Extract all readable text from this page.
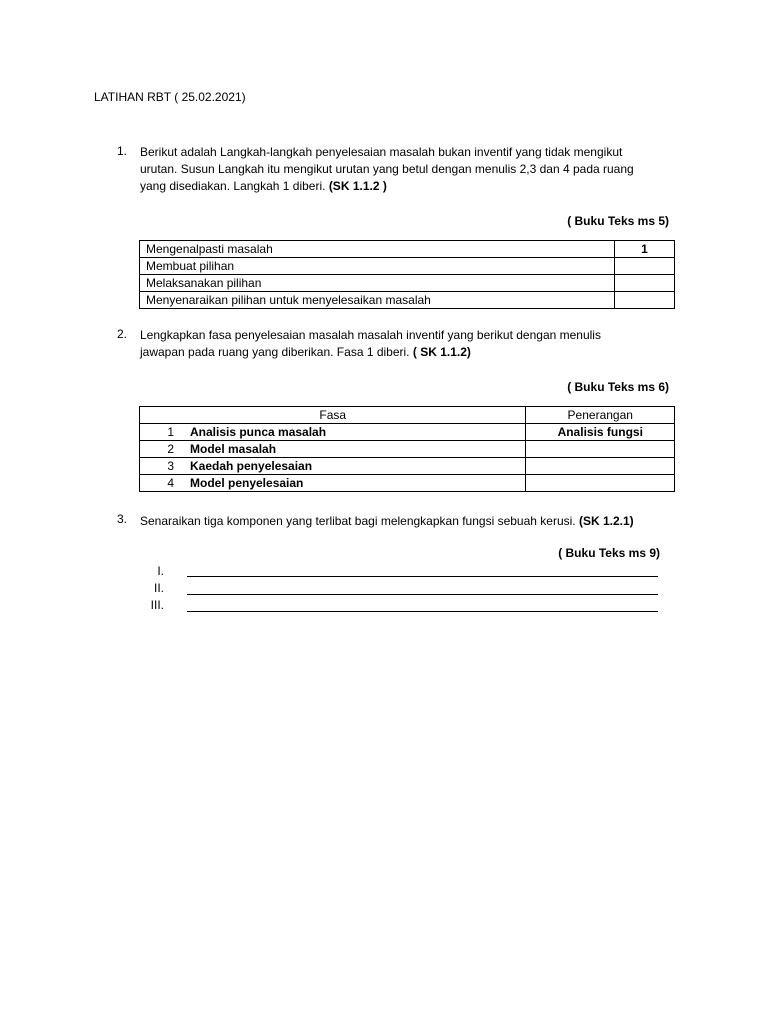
LATIHAN RBT ( 25.02.2021)
1. Berikut adalah Langkah-langkah penyelesaian masalah bukan inventif yang tidak mengikut
urutan. Susun Langkah itu mengikut urutan yang betul dengan menulis 2,3 dan 4 pada ruang
yang disediakan. Langkah 1 diberi. (SK 1.1.2 )
( Buku Teks ms 5)
Mengenalpasti masalah	1
Membuat pilihan	
Melaksanakan pilihan	
Menyenaraikan pilihan untuk menyelesaikan masalah	
2. Lengkapkan fasa penyelesaian masalah masalah inventif yang berikut dengan menulis
jawapan pada ruang yang diberikan. Fasa 1 diberi. ( SK 1.1.2)
( Buku Teks ms 6)
Fasa		Penerangan
1	Analisis punca masalah	Analisis fungsi
2	Model masalah	
3	Kaedah penyelesaian	
4	Model penyelesaian	
3. Senaraikan tiga komponen yang terlibat bagi melengkapkan fungsi sebuah kerusi. (SK 1.2.1)
( Buku Teks ms 9)
I.
II.
III.
